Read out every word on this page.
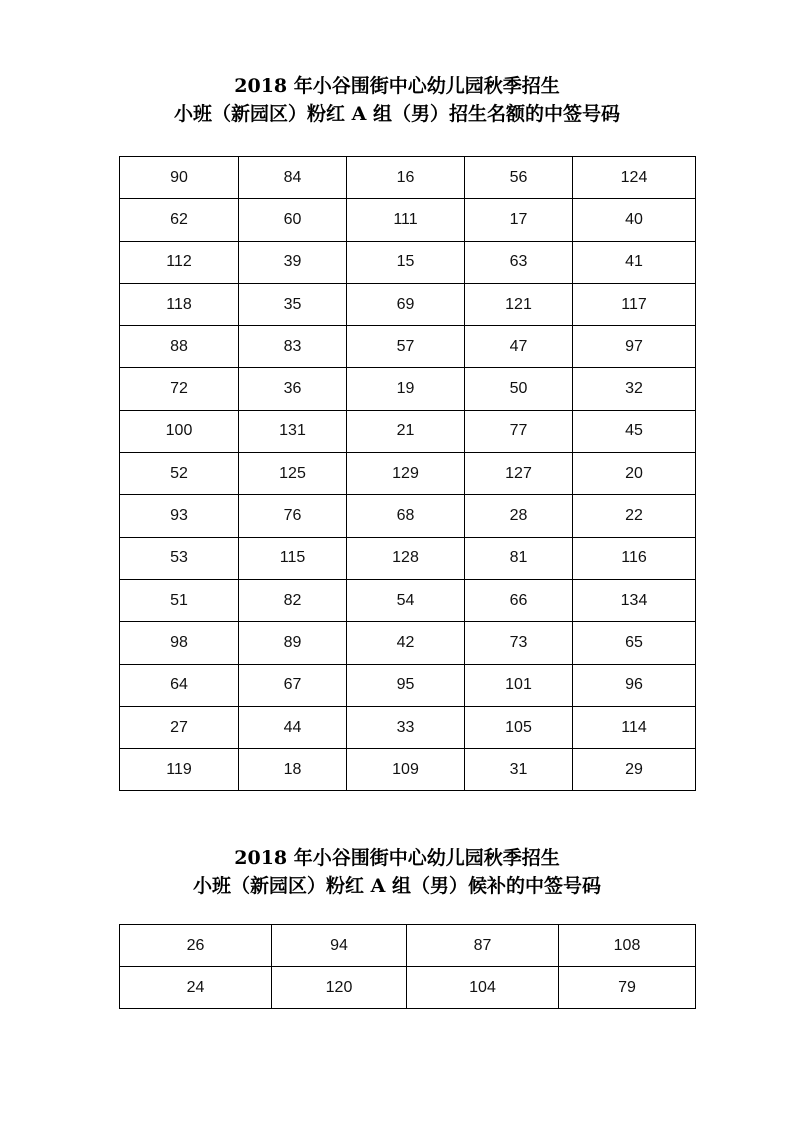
2018 年小谷围街中心幼儿园秋季招生
小班（新园区）粉红 A 组（男）招生名额的中签号码
90	84	16	56	124
62	60	111	17	40
112	39	15	63	41
118	35	69	121	117
88	83	57	47	97
72	36	19	50	32
100	131	21	77	45
52	125	129	127	20
93	76	68	28	22
53	115	128	81	116
51	82	54	66	134
98	89	42	73	65
64	67	95	101	96
27	44	33	105	114
119	18	109	31	29
2018 年小谷围街中心幼儿园秋季招生
小班（新园区）粉红 A 组（男）候补的中签号码
26	94	87	108
24	120	104	79
